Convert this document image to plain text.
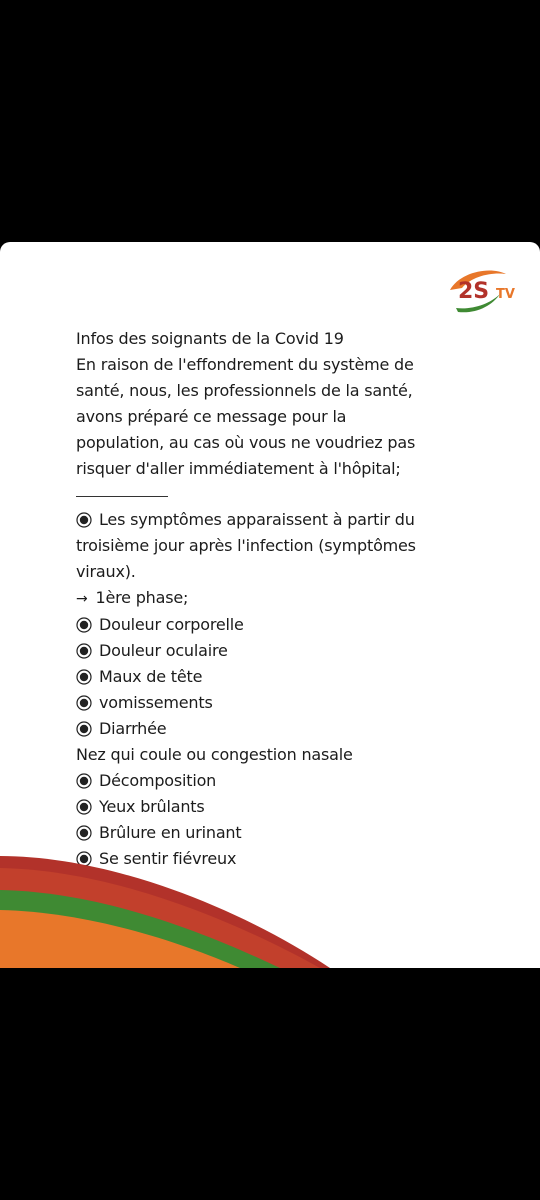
2S TV
Infos des soignants de la Covid 19
En raison de l'effondrement du système de
santé, nous, les professionnels de la santé,
avons préparé ce message pour la
population, au cas où vous ne voudriez pas
risquer d'aller immédiatement à l'hôpital;
Les symptômes apparaissent à partir du
troisième jour après l'infection (symptômes
viraux).
→ 1ère phase;
Douleur corporelle
Douleur oculaire
Maux de tête
vomissements
Diarrhée
Nez qui coule ou congestion nasale
Décomposition
Yeux brûlants
Brûlure en urinant
Se sentir fiévreux
